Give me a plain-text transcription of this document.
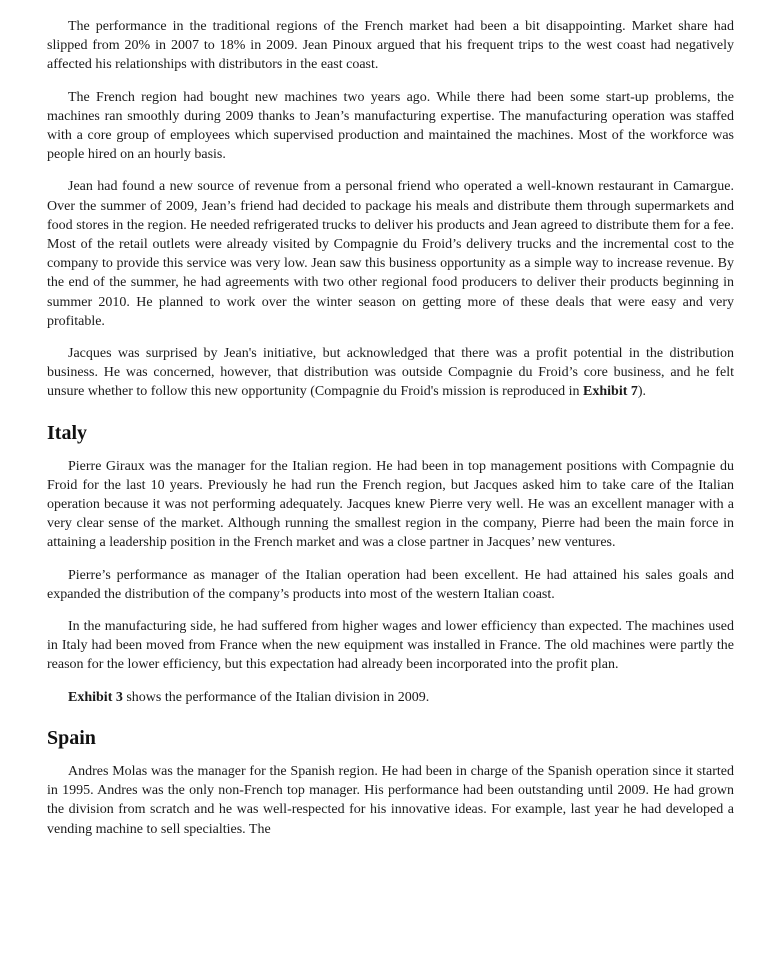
The performance in the traditional regions of the French market had been a bit disappointing. Market share had slipped from 20% in 2007 to 18% in 2009. Jean Pinoux argued that his frequent trips to the west coast had negatively affected his relationships with distributors in the east coast.

The French region had bought new machines two years ago. While there had been some start-up problems, the machines ran smoothly during 2009 thanks to Jean’s manufacturing expertise. The manufacturing operation was staffed with a core group of employees which supervised production and maintained the machines. Most of the workforce was people hired on an hourly basis.

Jean had found a new source of revenue from a personal friend who operated a well-known restaurant in Camargue. Over the summer of 2009, Jean’s friend had decided to package his meals and distribute them through supermarkets and food stores in the region. He needed refrigerated trucks to deliver his products and Jean agreed to distribute them for a fee. Most of the retail outlets were already visited by Compagnie du Froid’s delivery trucks and the incremental cost to the company to provide this service was very low. Jean saw this business opportunity as a simple way to increase revenue. By the end of the summer, he had agreements with two other regional food producers to deliver their products beginning in summer 2010. He planned to work over the winter season on getting more of these deals that were easy and very profitable.

Jacques was surprised by Jean's initiative, but acknowledged that there was a profit potential in the distribution business. He was concerned, however, that distribution was outside Compagnie du Froid’s core business, and he felt unsure whether to follow this new opportunity (Compagnie du Froid's mission is reproduced in Exhibit 7).

Italy

Pierre Giraux was the manager for the Italian region. He had been in top management positions with Compagnie du Froid for the last 10 years. Previously he had run the French region, but Jacques asked him to take care of the Italian operation because it was not performing adequately. Jacques knew Pierre very well. He was an excellent manager with a very clear sense of the market. Although running the smallest region in the company, Pierre had been the main force in attaining a leadership position in the French market and was a close partner in Jacques’ new ventures.

Pierre’s performance as manager of the Italian operation had been excellent. He had attained his sales goals and expanded the distribution of the company’s products into most of the western Italian coast.

In the manufacturing side, he had suffered from higher wages and lower efficiency than expected. The machines used in Italy had been moved from France when the new equipment was installed in France. The old machines were partly the reason for the lower efficiency, but this expectation had already been incorporated into the profit plan.

Exhibit 3 shows the performance of the Italian division in 2009.

Spain

Andres Molas was the manager for the Spanish region. He had been in charge of the Spanish operation since it started in 1995. Andres was the only non-French top manager. His performance had been outstanding until 2009. He had grown the division from scratch and he was well-respected for his innovative ideas. For example, last year he had developed a vending machine to sell specialties. The
